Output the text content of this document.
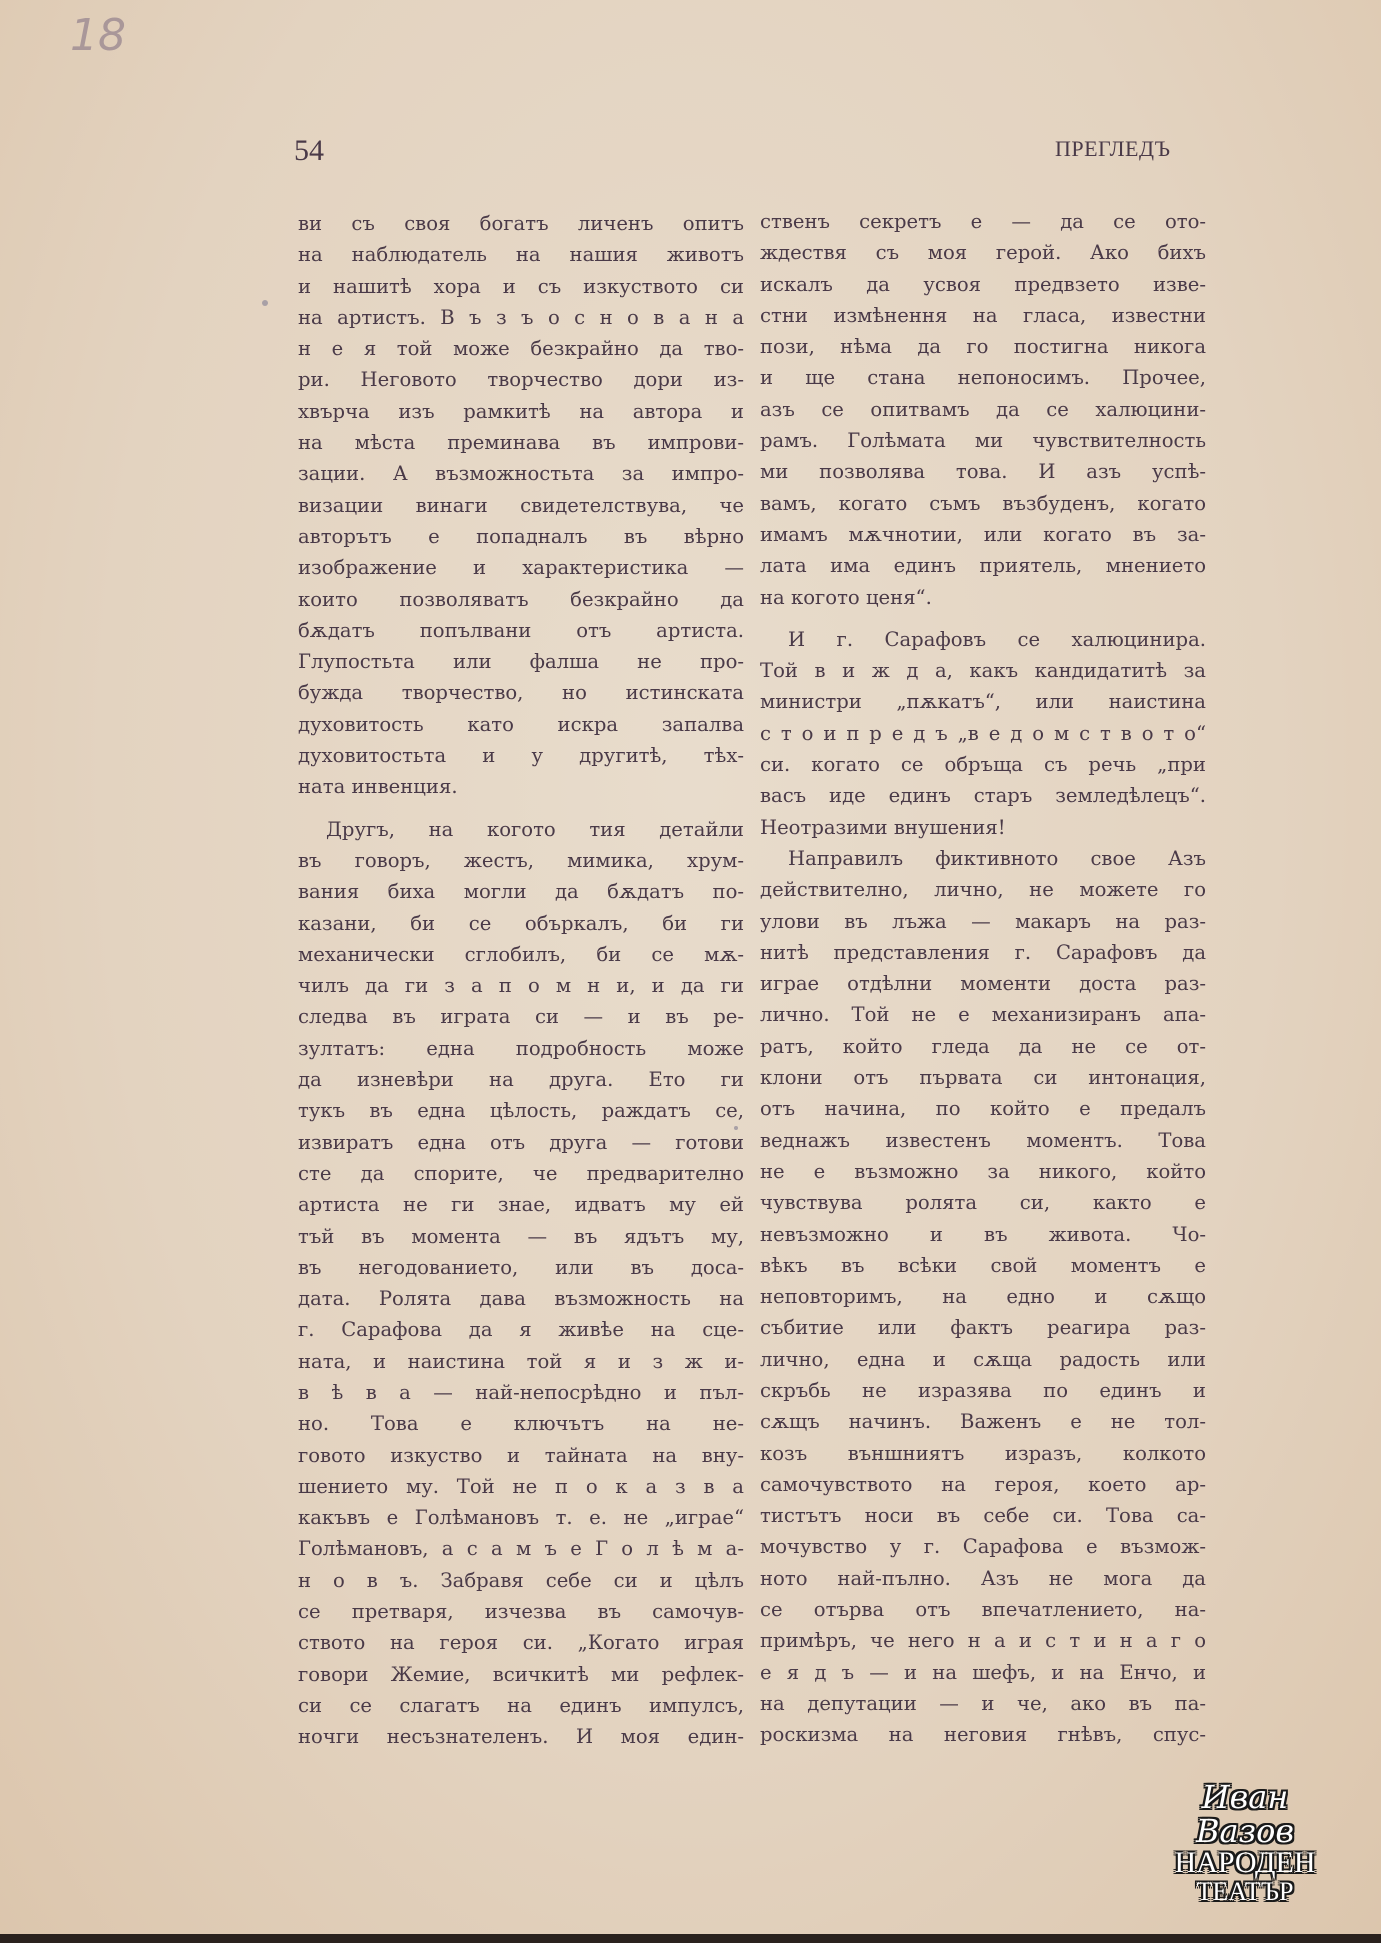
18
54	ПРЕГЛЕДЪ
ви съ своя богатъ личенъ опитъ
на наблюдатель на нашия животъ
и нашитѣ хора и съ изкуството си
на артистъ. В ъ з ъ о с н о в а н а
н е я той може безкрайно да тво-
ри. Неговото творчество дори из-
хвърча изъ рамкитѣ на автора и
на мѣста преминава въ импрови-
зации. А възможностьта за импро-
визации винаги свидетелствува, че
авторътъ е попадналъ въ вѣрно
изображение и характеристика —
които позволяватъ безкрайно да
бѫдатъ попълвани отъ артиста.
Глупостьта или фалша не про-
бужда творчество, но истинската
духовитость като искра запалва
духовитостьта и у другитѣ, тѣх-
ната инвенция.
Другъ, на когото тия детайли
въ говоръ, жестъ, мимика, хрум-
вания биха могли да бѫдатъ по-
казани, би се объркалъ, би ги
механически сглобилъ, би се мѫ-
чилъ да ги з а п о м н и, и да ги
следва въ играта си — и въ ре-
зултатъ: една подробность може
да изневѣри на друга. Ето ги
тукъ въ една цѣлость, раждатъ се,
извиратъ една отъ друга — готови
сте да спорите, че предварително
артиста не ги знае, идватъ му ей
тъй въ момента — въ ядътъ му,
въ негодованието, или въ доса-
дата. Ролята дава възможность на
г. Сарафова да я живѣе на сце-
ната, и наистина той я и з ж и-
в ѣ в а — най-непосрѣдно и пъл-
но. Това е ключътъ на не-
говото изкуство и тайната на вну-
шението му. Той не п о к а з в а
какъвъ е Голѣмановъ т. е. не „играе“
Голѣмановъ, а с а м ъ е Г о л ѣ м а-
н о в ъ. Забравя себе си и цѣлъ
се претваря, изчезва въ самочув-
ството на героя си. „Когато играя
говори Жемие, всичкитѣ ми рефлек-
си се слагатъ на единъ импулсъ,
ночги несъзнателенъ. И моя един-
ственъ секретъ е — да се ото-
ждествя съ моя герой. Ако бихъ
искалъ да усвоя предвзето изве-
стни измѣнення на гласа, известни
пози, нѣма да го постигна никога
и ще стана непоносимъ. Прочее,
азъ се опитвамъ да се халюцини-
рамъ. Голѣмата ми чувствителность
ми позволява това. И азъ успѣ-
вамъ, когато съмъ възбуденъ, когато
имамъ мѫчнотии, или когато въ за-
лата има единъ приятель, мнението
на когото ценя“.
И г. Сарафовъ се халюцинира.
Той в и ж д а, какъ кандидатитѣ за
министри „пѫкатъ“, или наистина
с т о и п р е д ъ „в е д о м с т в о т о“
си. когато се обръща съ речь „при
васъ иде единъ старъ земледѣлецъ“.
Неотразими внушения!
Направилъ фиктивното свое Азъ
действително, лично, не можете го
улови въ лъжа — макаръ на раз-
нитѣ представления г. Сарафовъ да
играе отдѣлни моменти доста раз-
лично. Той не е механизиранъ апа-
ратъ, който гледа да не се от-
клони отъ първата си интонация,
отъ начина, по който е предалъ
веднажъ известенъ моментъ. Това
не е възможно за никого, който
чувствува ролята си, както е
невъзможно и въ живота. Чо-
вѣкъ въ всѣки свой моментъ е
неповторимъ, на едно и сѫщо
събитие или фактъ реагира раз-
лично, една и сѫща радость или
скръбь не изразява по единъ и
сѫщъ начинъ. Важенъ е не тол-
козъ външниятъ изразъ, колкото
самочувството на героя, което ар-
тистътъ носи въ себе си. Това са-
мочувство у г. Сарафова е възмож-
ното най-пълно. Азъ не мога да
се отърва отъ впечатлението, на-
примѣръ, че него н а и с т и н а г о
е я д ъ — и на шефъ, и на Енчо, и
на депутации — и че, ако въ па-
роскизма на неговия гнѣвъ, спус-
Иван Вазов
НАРОДЕН
ТЕАТЪР
